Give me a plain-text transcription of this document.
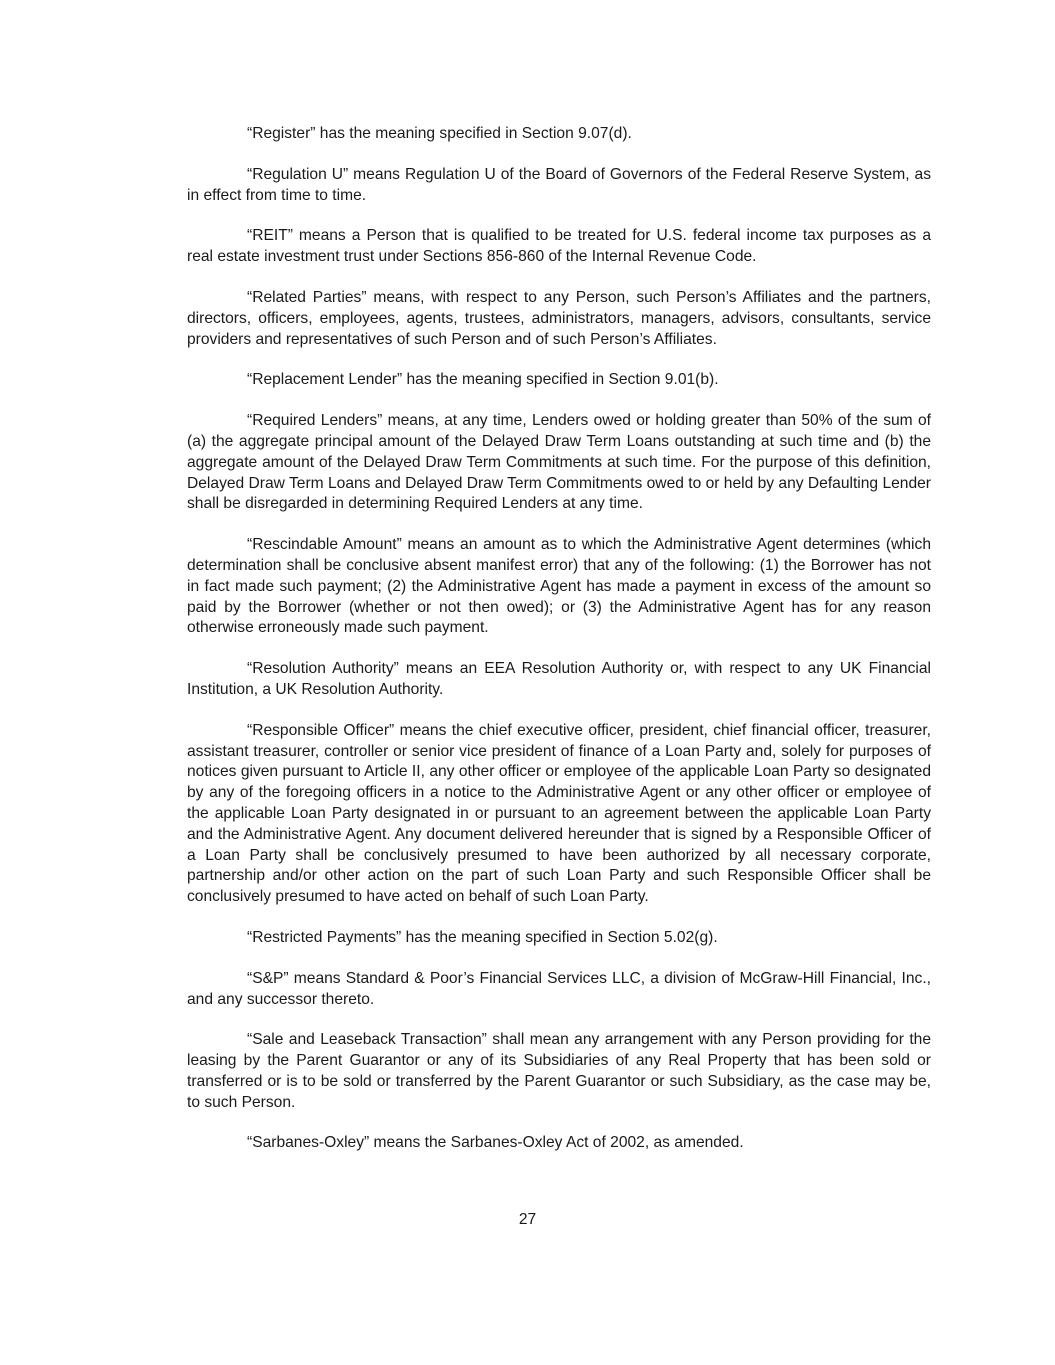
“Register” has the meaning specified in Section 9.07(d).

“Regulation U” means Regulation U of the Board of Governors of the Federal Reserve System, as in effect from time to time.

“REIT” means a Person that is qualified to be treated for U.S. federal income tax purposes as a real estate investment trust under Sections 856-860 of the Internal Revenue Code.

“Related Parties” means, with respect to any Person, such Person’s Affiliates and the partners, directors, officers, employees, agents, trustees, administrators, managers, advisors, consultants, service providers and representatives of such Person and of such Person’s Affiliates.

“Replacement Lender” has the meaning specified in Section 9.01(b).

“Required Lenders” means, at any time, Lenders owed or holding greater than 50% of the sum of (a) the aggregate principal amount of the Delayed Draw Term Loans outstanding at such time and (b) the aggregate amount of the Delayed Draw Term Commitments at such time. For the purpose of this definition, Delayed Draw Term Loans and Delayed Draw Term Commitments owed to or held by any Defaulting Lender shall be disregarded in determining Required Lenders at any time.

“Rescindable Amount” means an amount as to which the Administrative Agent determines (which determination shall be conclusive absent manifest error) that any of the following: (1) the Borrower has not in fact made such payment; (2) the Administrative Agent has made a payment in excess of the amount so paid by the Borrower (whether or not then owed); or (3) the Administrative Agent has for any reason otherwise erroneously made such payment.

“Resolution Authority” means an EEA Resolution Authority or, with respect to any UK Financial Institution, a UK Resolution Authority.

“Responsible Officer” means the chief executive officer, president, chief financial officer, treasurer, assistant treasurer, controller or senior vice president of finance of a Loan Party and, solely for purposes of notices given pursuant to Article II, any other officer or employee of the applicable Loan Party so designated by any of the foregoing officers in a notice to the Administrative Agent or any other officer or employee of the applicable Loan Party designated in or pursuant to an agreement between the applicable Loan Party and the Administrative Agent. Any document delivered hereunder that is signed by a Responsible Officer of a Loan Party shall be conclusively presumed to have been authorized by all necessary corporate, partnership and/or other action on the part of such Loan Party and such Responsible Officer shall be conclusively presumed to have acted on behalf of such Loan Party.

“Restricted Payments” has the meaning specified in Section 5.02(g).

“S&P” means Standard & Poor’s Financial Services LLC, a division of McGraw-Hill Financial, Inc., and any successor thereto.

“Sale and Leaseback Transaction” shall mean any arrangement with any Person providing for the leasing by the Parent Guarantor or any of its Subsidiaries of any Real Property that has been sold or transferred or is to be sold or transferred by the Parent Guarantor or such Subsidiary, as the case may be, to such Person.

“Sarbanes-Oxley” means the Sarbanes-Oxley Act of 2002, as amended.

27
